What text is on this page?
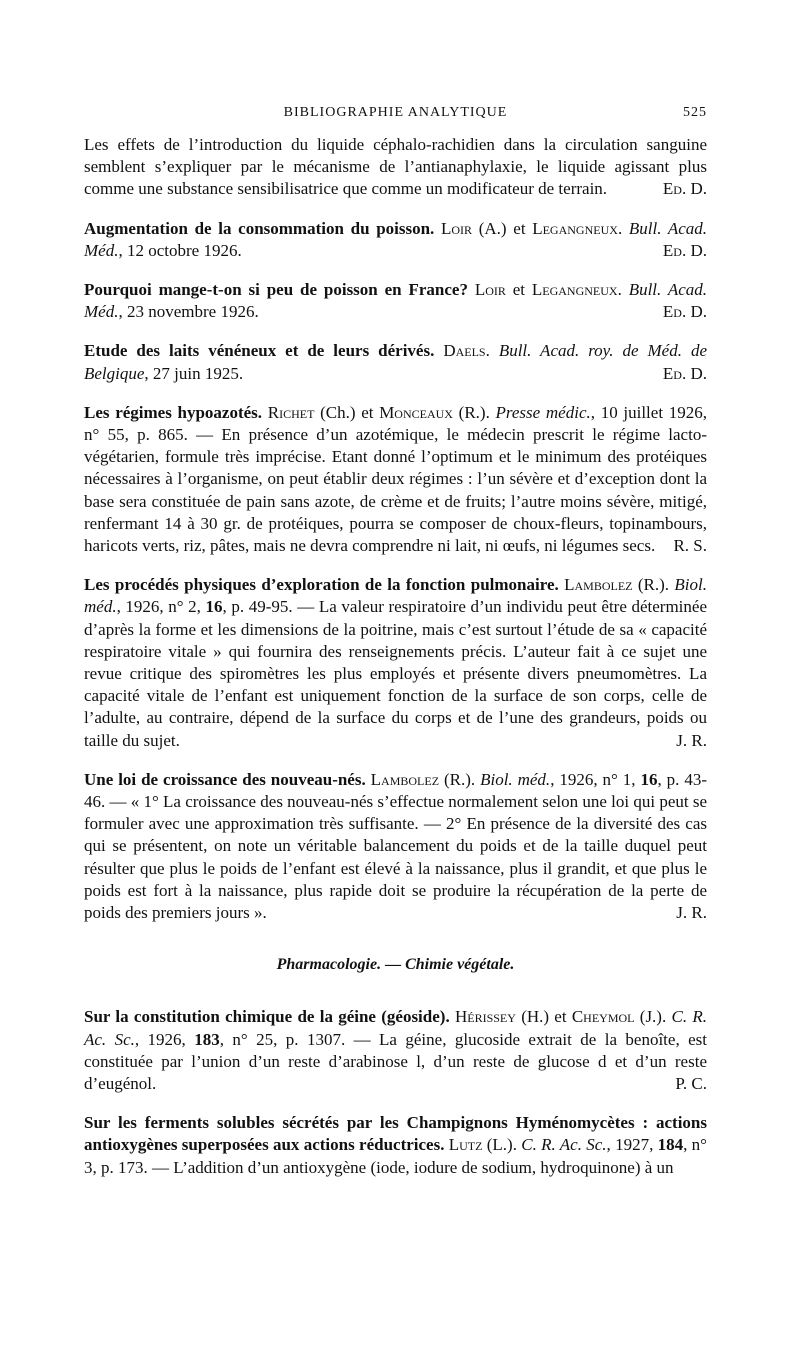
BIBLIOGRAPHIE ANALYTIQUE	525

Les effets de l’introduction du liquide céphalo-rachidien dans la circulation sanguine semblent s’expliquer par le mécanisme de l’antianaphylaxie, le liquide agissant plus comme une substance sensibilisatrice que comme un modificateur de terrain.	Ed. D.

Augmentation de la consommation du poisson. Loir (A.) et Legangneux. Bull. Acad. Méd., 12 octobre 1926.	Ed. D.

Pourquoi mange-t-on si peu de poisson en France? Loir et Legangneux. Bull. Acad. Méd., 23 novembre 1926.	Ed. D.

Etude des laits vénéneux et de leurs dérivés. Daels. Bull. Acad. roy. de Méd. de Belgique, 27 juin 1925.	Ed. D.

Les régimes hypoazotés. Richet (Ch.) et Monceaux (R.). Presse médic., 10 juillet 1926, n° 55, p. 865. — En présence d’un azotémique, le médecin prescrit le régime lacto-végétarien, formule très imprécise. Etant donné l’optimum et le minimum des protéiques nécessaires à l’organisme, on peut établir deux régimes : l’un sévère et d’exception dont la base sera constituée de pain sans azote, de crème et de fruits; l’autre moins sévère, mitigé, renfermant 14 à 30 gr. de protéiques, pourra se composer de choux-fleurs, topinambours, haricots verts, riz, pâtes, mais ne devra comprendre ni lait, ni œufs, ni légumes secs. R. S.

Les procédés physiques d’exploration de la fonction pulmonaire. Lambolez (R.). Biol. méd., 1926, n° 2, 16, p. 49-95. — La valeur respiratoire d’un individu peut être déterminée d’après la forme et les dimensions de la poitrine, mais c’est surtout l’étude de sa « capacité respiratoire vitale » qui fournira des renseignements précis. L’auteur fait à ce sujet une revue critique des spiromètres les plus employés et présente divers pneumomètres. La capacité vitale de l’enfant est uniquement fonction de la surface de son corps, celle de l’adulte, au contraire, dépend de la surface du corps et de l’une des grandeurs, poids ou taille du sujet.	J. R.

Une loi de croissance des nouveau-nés. Lambolez (R.). Biol. méd., 1926, n° 1, 16, p. 43-46. — « 1° La croissance des nouveau-nés s’effectue normalement selon une loi qui peut se formuler avec une approximation très suffisante. — 2° En présence de la diversité des cas qui se présentent, on note un véritable balancement du poids et de la taille duquel peut résulter que plus le poids de l’enfant est élevé à la naissance, plus il grandit, et que plus le poids est fort à la naissance, plus rapide doit se produire la récupération de la perte de poids des premiers jours ».	J. R.

Pharmacologie. — Chimie végétale.

Sur la constitution chimique de la géine (géoside). Hérissey (H.) et Cheymol (J.). C. R. Ac. Sc., 1926, 183, n° 25, p. 1307. — La géine, glucoside extrait de la benoîte, est constituée par l’union d’un reste d’arabinose l, d’un reste de glucose d et d’un reste d’eugénol.	P. C.

Sur les ferments solubles sécrétés par les Champignons Hyménomycètes : actions antioxygènes superposées aux actions réductrices. Lutz (L.). C. R. Ac. Sc., 1927, 184, n° 3, p. 173. — L’addition d’un antioxygène (iode, iodure de sodium, hydroquinone) à un
